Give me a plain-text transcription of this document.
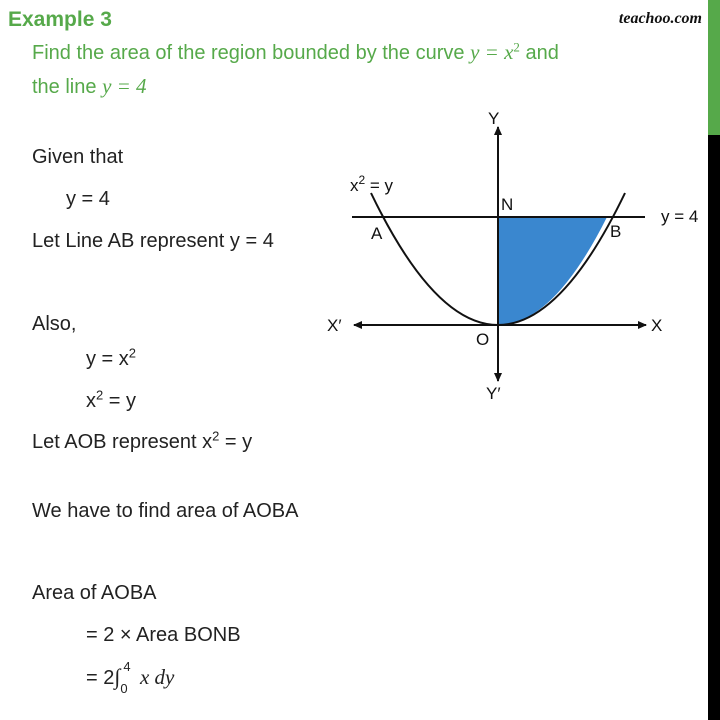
Example 3	teachoo.com
Find the area of the region bounded by the curve $y = x^2$ and
the line y = 4
Given that
y = 4
Let Line AB represent y = 4
Also,
$y = x^2$
$x^2 = y$
Let AOB represent $x^2 = y$
We have to find area of AOBA
Area of AOBA
= 2 × Area BONB
= 2∫ 4
0 x dy
Y
Y′
X
X′
O
N
A	B
y = 4
$x^2 = y$
